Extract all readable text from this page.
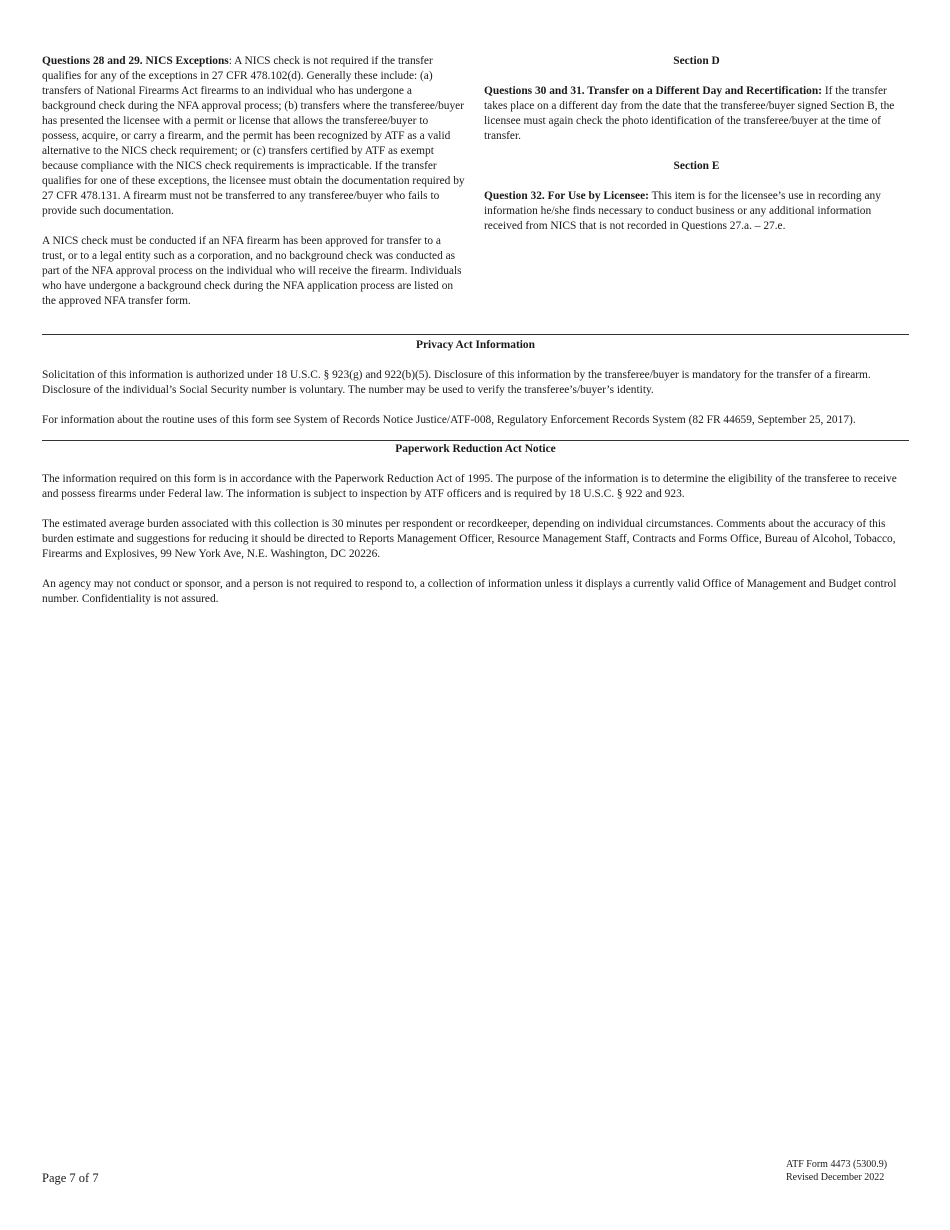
Questions 28 and 29. NICS Exceptions: A NICS check is not required if the transfer qualifies for any of the exceptions in 27 CFR 478.102(d). Generally these include: (a) transfers of National Firearms Act firearms to an individual who has undergone a background check during the NFA approval process; (b) transfers where the transferee/buyer has presented the licensee with a permit or license that allows the transferee/buyer to possess, acquire, or carry a firearm, and the permit has been recognized by ATF as a valid alternative to the NICS check requirement; or (c) transfers certified by ATF as exempt because compliance with the NICS check requirements is impracticable. If the transfer qualifies for one of these exceptions, the licensee must obtain the documentation required by 27 CFR 478.131. A firearm must not be transferred to any transferee/buyer who fails to provide such documentation.

A NICS check must be conducted if an NFA firearm has been approved for transfer to a trust, or to a legal entity such as a corporation, and no background check was conducted as part of the NFA approval process on the individual who will receive the firearm. Individuals who have undergone a background check during the NFA application process are listed on the approved NFA transfer form.

Section D

Questions 30 and 31. Transfer on a Different Day and Recertification: If the transfer takes place on a different day from the date that the transferee/buyer signed Section B, the licensee must again check the photo identification of the transferee/buyer at the time of transfer.

Section E

Question 32. For Use by Licensee: This item is for the licensee’s use in recording any information he/she finds necessary to conduct business or any additional information received from NICS that is not recorded in Questions 27.a. – 27.e.

Privacy Act Information

Solicitation of this information is authorized under 18 U.S.C. § 923(g) and 922(b)(5). Disclosure of this information by the transferee/buyer is mandatory for the transfer of a firearm. Disclosure of the individual’s Social Security number is voluntary. The number may be used to verify the transferee’s/buyer’s identity.

For information about the routine uses of this form see System of Records Notice Justice/ATF-008, Regulatory Enforcement Records System (82 FR 44659, September 25, 2017).

Paperwork Reduction Act Notice

The information required on this form is in accordance with the Paperwork Reduction Act of 1995. The purpose of the information is to determine the eligibility of the transferee to receive and possess firearms under Federal law. The information is subject to inspection by ATF officers and is required by 18 U.S.C. § 922 and 923.

The estimated average burden associated with this collection is 30 minutes per respondent or recordkeeper, depending on individual circumstances. Comments about the accuracy of this burden estimate and suggestions for reducing it should be directed to Reports Management Officer, Resource Management Staff, Contracts and Forms Office, Bureau of Alcohol, Tobacco, Firearms and Explosives, 99 New York Ave, N.E. Washington, DC 20226.

An agency may not conduct or sponsor, and a person is not required to respond to, a collection of information unless it displays a currently valid Office of Management and Budget control number. Confidentiality is not assured.

Page 7 of 7
ATF Form 4473 (5300.9)
Revised December 2022
